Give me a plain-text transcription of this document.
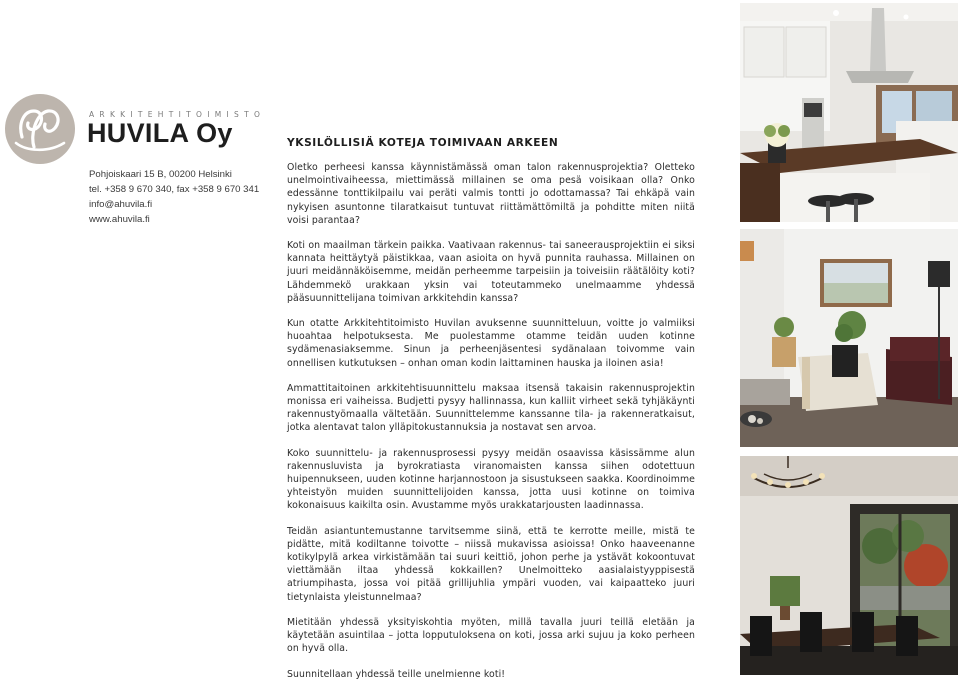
ARKKITEHTITOIMISTO
HUVILA Oy
Pohjoiskaari 15 B, 00200 Helsinki
tel. +358 9 670 340, fax +358 9 670 341
info@ahuvila.fi
www.ahuvila.fi
YKSILÖLLISIÄ KOTEJA TOIMIVAAN ARKEEN

Oletko perheesi kanssa käynnistämässä oman talon rakennusprojektia? Oletteko unelmointivaiheessa, miettimässä millainen se oma pesä voisikaan olla? Onko edessänne tonttikilpailu vai peräti valmis tontti jo odottamassa? Tai ehkäpä vain nykyisen asuntonne tilaratkaisut tuntuvat riittämättömiltä ja pohditte miten niitä voisi parantaa?

Koti on maailman tärkein paikka. Vaativaan rakennus- tai saneerausprojektiin ei siksi kannata heittäytyä päistikkaa, vaan asioita on hyvä punnita rauhassa. Millainen on juuri meidännäköisemme, meidän perheemme tarpeisiin ja toiveisiin räätälöity koti? Lähdemmekö urakkaan yksin vai toteutammeko unelmaamme yhdessä pääsuunnittelijana toimivan arkkitehdin kanssa?

Kun otatte Arkkitehtitoimisto Huvilan avuksenne suunnitteluun, voitte jo valmiiksi huoahtaa helpotuksesta. Me puolestamme otamme teidän uuden kotinne sydämenasiaksemme. Sinun ja perheenjäsentesi sydänalaan toivomme vain onnellisen kutkutuksen – onhan oman kodin laittaminen hauska ja iloinen asia!

Ammattitaitoinen arkkitehtisuunnittelu maksaa itsensä takaisin rakennusprojektin monissa eri vaiheissa. Budjetti pysyy hallinnassa, kun kalliit virheet sekä tyhjäkäynti rakennustyömaalla vältetään. Suunnittelemme kanssanne tila- ja rakenneratkaisut, jotka alentavat talon ylläpitokustannuksia ja nostavat sen arvoa.

Koko suunnittelu- ja rakennusprosessi pysyy meidän osaavissa käsissämme alun rakennusluvista ja byrokratiasta viranomaisten kanssa siihen odotettuun huipennukseen, uuden kotinne harjannostoon ja sisustukseen saakka. Koordinoimme yhteistyön muiden suunnittelijoiden kanssa, jotta uusi kotinne on toimiva kokonaisuus kaikilta osin. Avustamme myös urakkatarjousten laadinnassa.

Teidän asiantuntemustanne tarvitsemme siinä, että te kerrotte meille, mistä te pidätte, mitä kodiltanne toivotte – niissä mukavissa asioissa! Onko haaveenanne kotikylpylä arkea virkistämään tai suuri keittiö, johon perhe ja ystävät kokoontuvat viettämään iltaa yhdessä kokkaillen? Unelmoitteko aasialaistyyppisestä atriumpihasta, jossa voi pitää grillijuhlia ympäri vuoden, vai kaipaatteko juuri tietynlaista yleistunnelmaa?

Mietitään yhdessä yksityiskohtia myöten, millä tavalla juuri teillä eletään ja käytetään asuintilaa – jotta lopputuloksena on koti, jossa arki sujuu ja koko perheen on hyvä olla.

Suunnitellaan yhdessä teille unelmienne koti!
